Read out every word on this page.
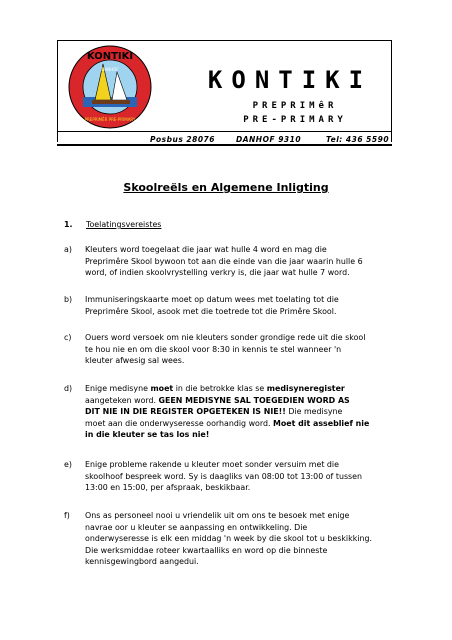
KONTIKI
DANHOF
PREPRIMÊR PRE-PRIMARY
KONTIKI
PREPRIMêR
PRE-PRIMARY
Posbus 28076	DANHOF 9310	Tel: 436 5590
Skoolreëls en Algemene Inligting
1. Toelatingsvereistes
a) Kleuters word toegelaat die jaar wat hulle 4 word en mag die
Preprimêre Skool bywoon tot aan die einde van die jaar waarin hulle 6
word, of indien skoolvrystelling verkry is, die jaar wat hulle 7 word.
b) Immuniseringskaarte moet op datum wees met toelating tot die
Preprimêre Skool, asook met die toetrede tot die Primêre Skool.
c) Ouers word versoek om nie kleuters sonder grondige rede uit die skool
te hou nie en om die skool voor 8:30 in kennis te stel wanneer 'n
kleuter afwesig sal wees.
d) Enige medisyne moet in die betrokke klas se medisyneregister
aangeteken word. GEEN MEDISYNE SAL TOEGEDIEN WORD AS
DIT NIE IN DIE REGISTER OPGETEKEN IS NIE!! Die medisyne
moet aan die onderwyseresse oorhandig word. Moet dit asseblief nie
in die kleuter se tas los nie!
e) Enige probleme rakende u kleuter moet sonder versuim met die
skoolhoof bespreek word. Sy is daagliks van 08:00 tot 13:00 of tussen
13:00 en 15:00, per afspraak, beskikbaar.
f) Ons as personeel nooi u vriendelik uit om ons te besoek met enige
navrae oor u kleuter se aanpassing en ontwikkeling. Die
onderwyseresse is elk een middag 'n week by die skool tot u beskikking.
Die werksmiddae roteer kwartaalliks en word op die binneste
kennisgewingbord aangedui.
